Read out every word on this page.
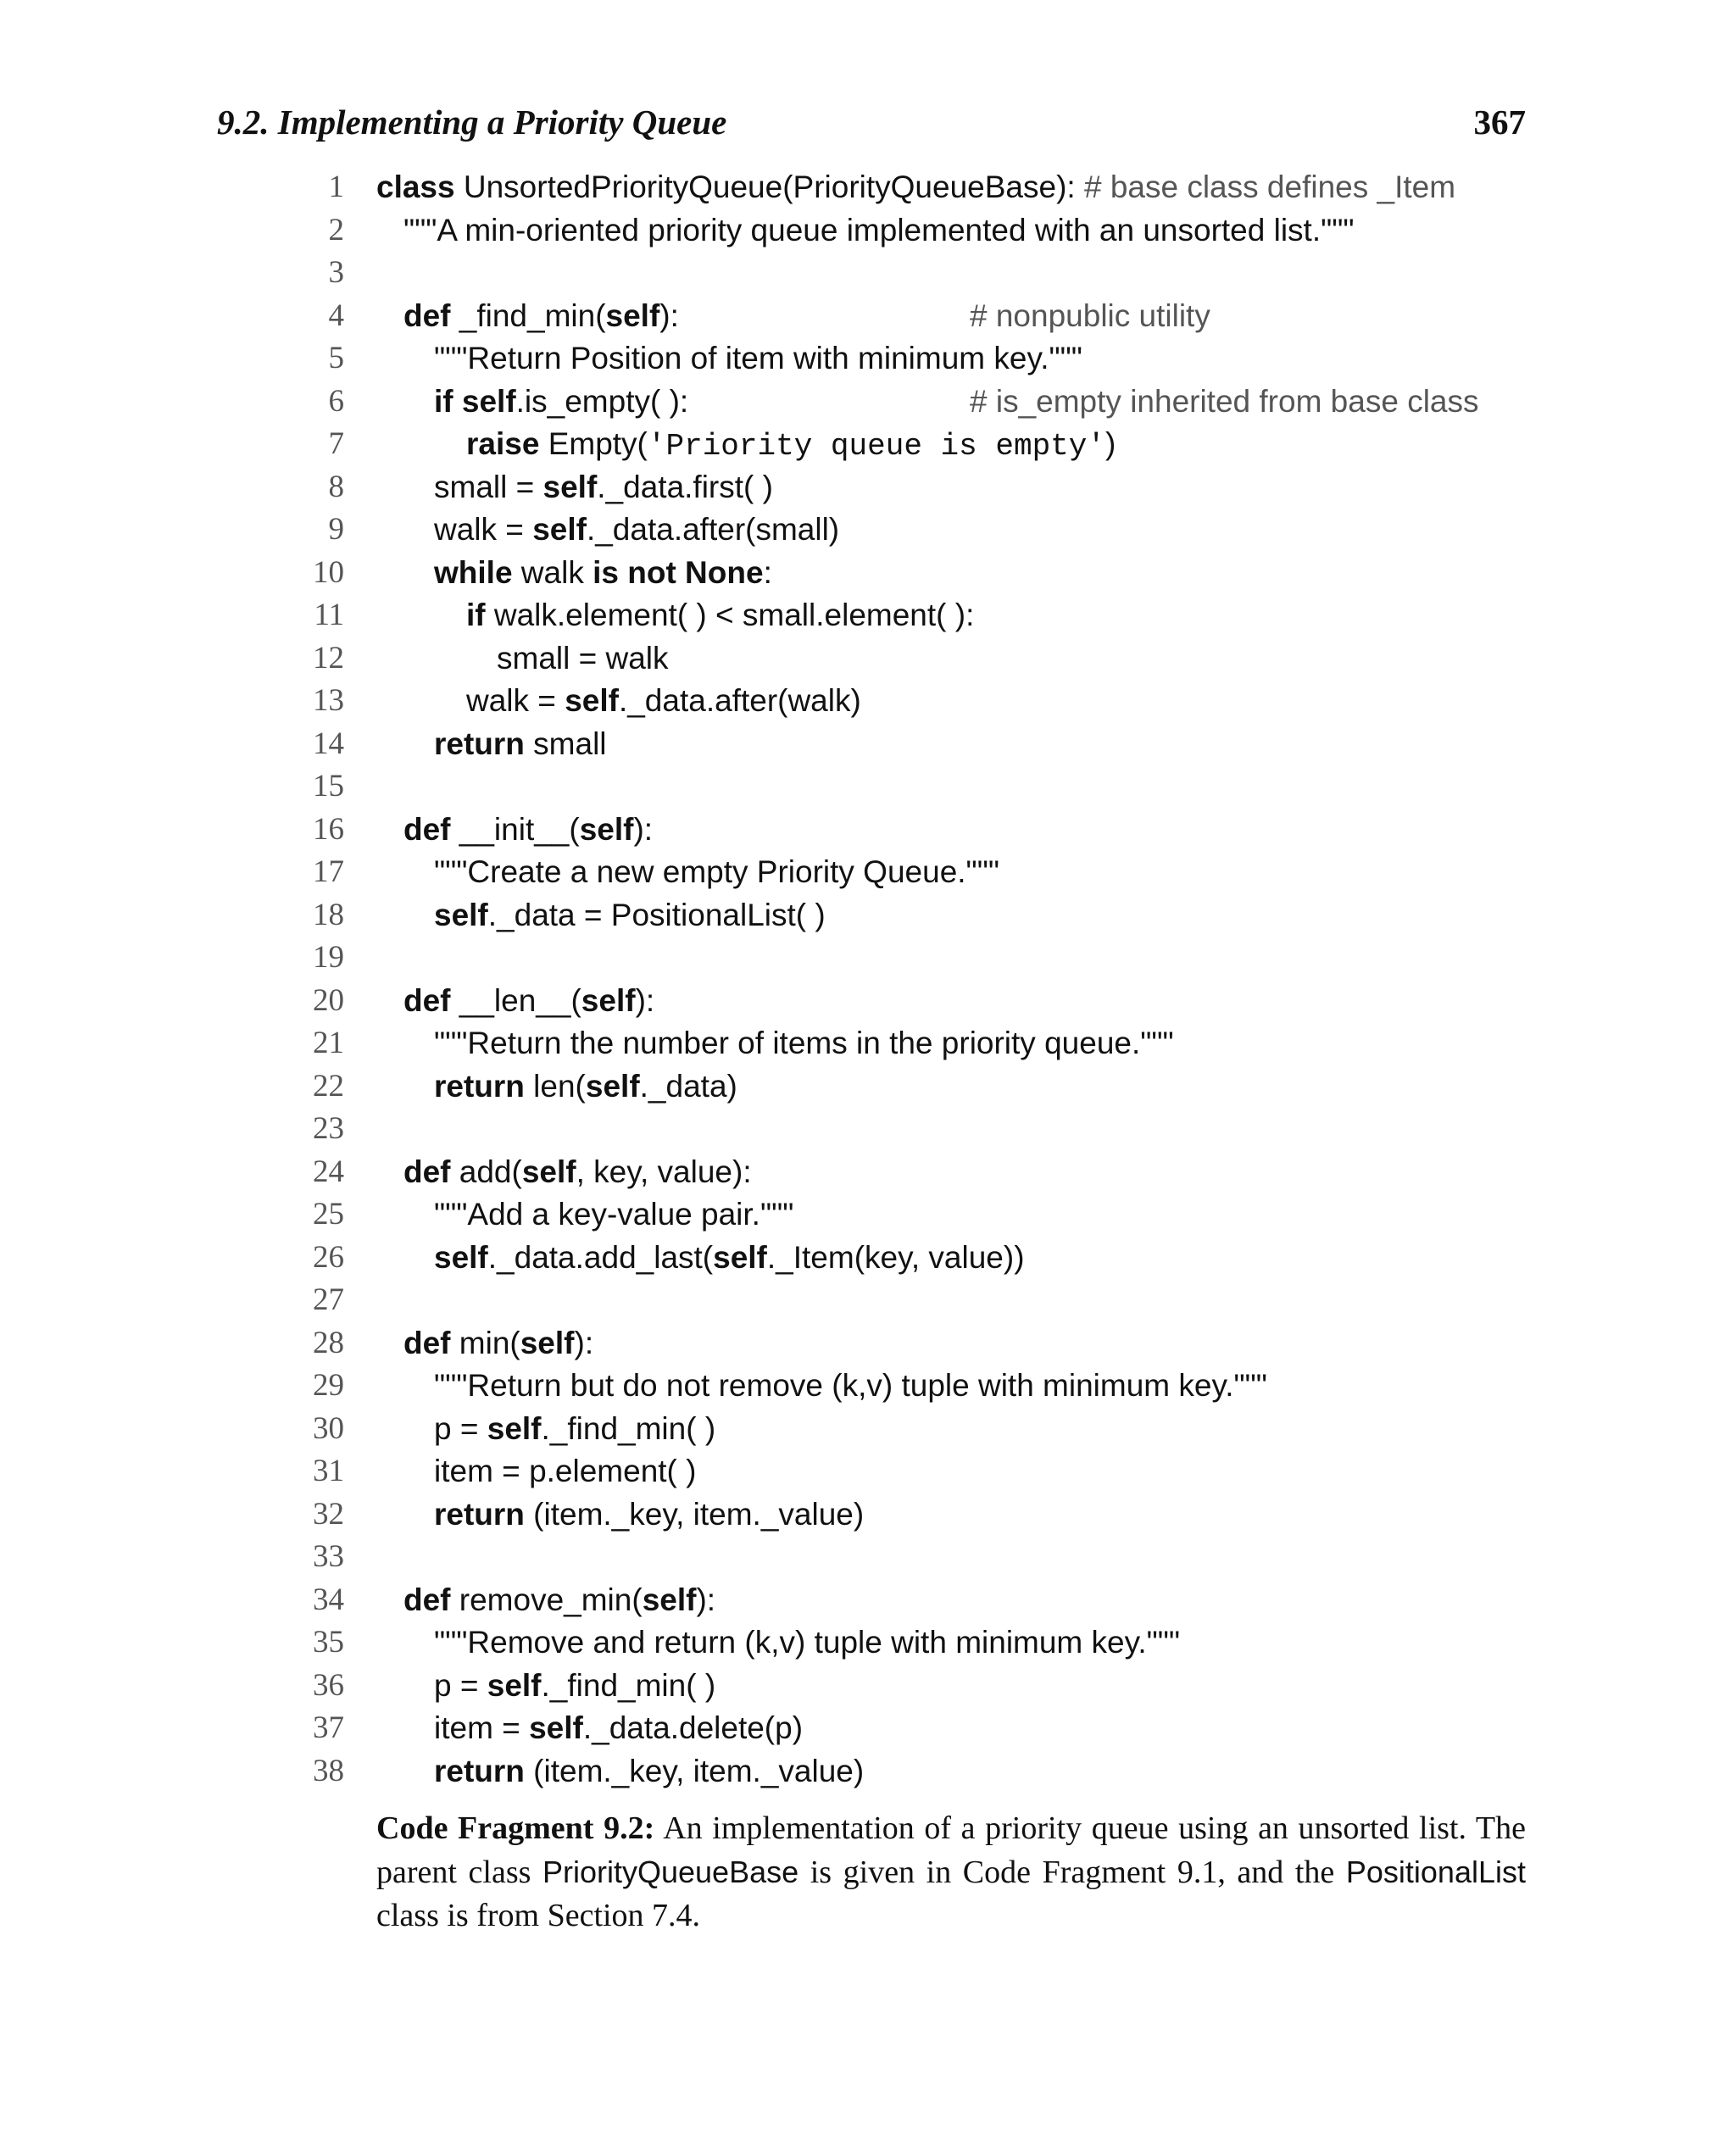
9.2. Implementing a Priority Queue	367
1 class UnsortedPriorityQueue(PriorityQueueBase): # base class defines _Item
2 """A min-oriented priority queue implemented with an unsorted list."""
3
4 def _find_min(self):	# nonpublic utility
5	"""Return Position of item with minimum key."""
6	if self.is_empty( ):	# is_empty inherited from base class
7	raise Empty('Priority queue is empty')
8	small = self._data.first( )
9	walk = self._data.after(small)
10	while walk is not None:
11	if walk.element( ) < small.element( ):
12	small = walk
13	walk = self._data.after(walk)
14	return small
15
16 def __init__(self):
17	"""Create a new empty Priority Queue."""
18	self._data = PositionalList( )
19
20 def __len__(self):
21	"""Return the number of items in the priority queue."""
22	return len(self._data)
23
24 def add(self, key, value):
25	"""Add a key-value pair."""
26	self._data.add_last(self._Item(key, value))
27
28 def min(self):
29	"""Return but do not remove (k,v) tuple with minimum key."""
30	p = self._find_min( )
31	item = p.element( )
32	return (item._key, item._value)
33
34 def remove_min(self):
35	"""Remove and return (k,v) tuple with minimum key."""
36	p = self._find_min( )
37	item = self._data.delete(p)
38	return (item._key, item._value)
Code Fragment 9.2: An implementation of a priority queue using an unsorted list. The parent class PriorityQueueBase is given in Code Fragment 9.1, and the PositionalList class is from Section 7.4.
